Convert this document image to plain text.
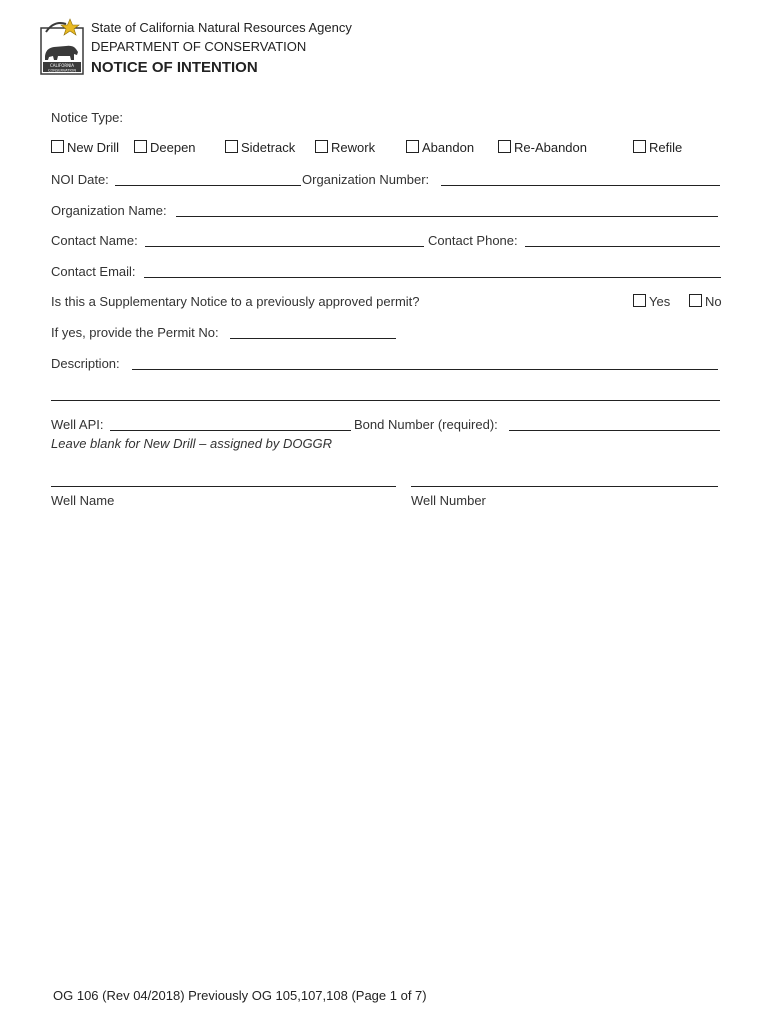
CALIFORNIA
CONSERVATION
State of California Natural Resources Agency
DEPARTMENT OF CONSERVATION
NOTICE OF INTENTION
Notice Type:
New Drill	Deepen	Sidetrack	Rework	Abandon	Re-Abandon	Refile
NOI Date:	Organization Number:
Organization Name:
Contact Name:	Contact Phone:
Contact Email:
Is this a Supplementary Notice to a previously approved permit?	Yes	No
If yes, provide the Permit No:
Description:
Well API:	Bond Number (required):
Leave blank for New Drill – assigned by DOGGR
Well Name	Well Number
OG 106 (Rev 04/2018) Previously OG 105,107,108 (Page 1 of 7)
